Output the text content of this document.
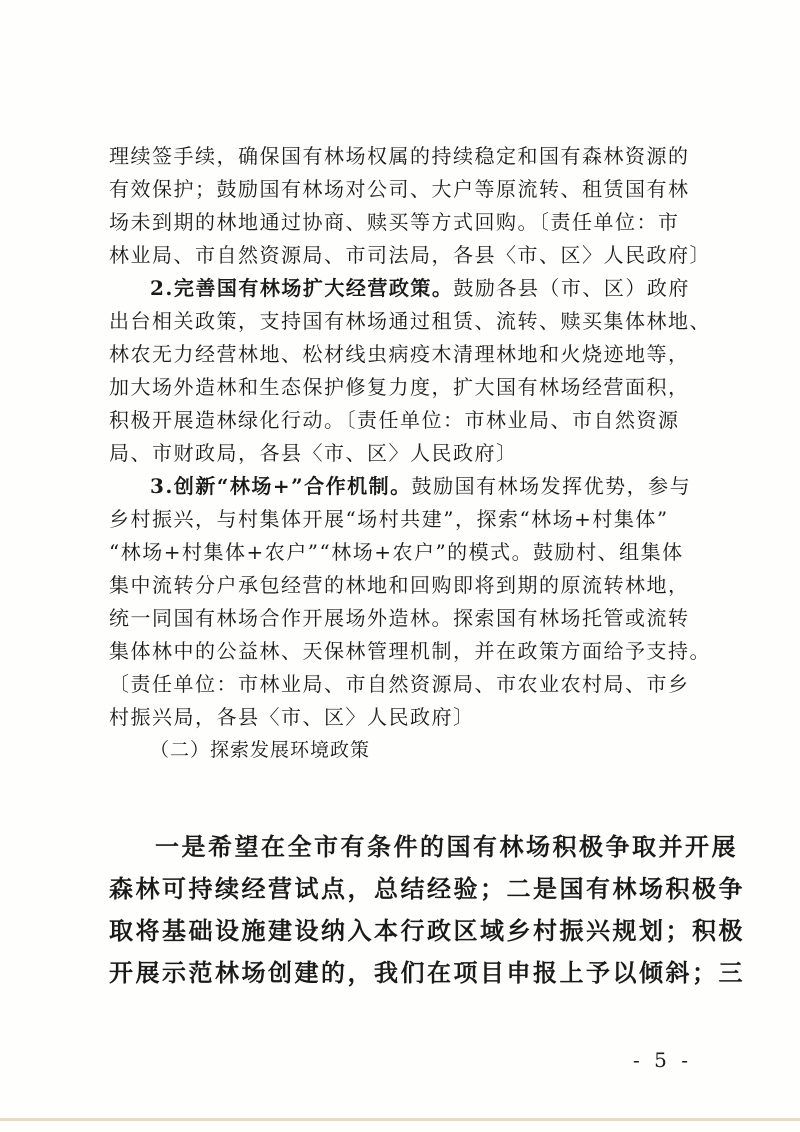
理续签手续，确保国有林场权属的持续稳定和国有森林资源的
有效保护；鼓励国有林场对公司、大户等原流转、租赁国有林
场未到期的林地通过协商、赎买等方式回购。〔责任单位：市
林业局、市自然资源局、市司法局，各县〈市、区〉人民政府〕
2.完善国有林场扩大经营政策。鼓励各县（市、区）政府
出台相关政策，支持国有林场通过租赁、流转、赎买集体林地、
林农无力经营林地、松材线虫病疫木清理林地和火烧迹地等，
加大场外造林和生态保护修复力度，扩大国有林场经营面积，
积极开展造林绿化行动。〔责任单位：市林业局、市自然资源
局、市财政局，各县〈市、区〉人民政府〕
3.创新“林场+”合作机制。鼓励国有林场发挥优势，参与
乡村振兴，与村集体开展“场村共建”，探索“林场+村集体”
“林场+村集体+农户”“林场+农户”的模式。鼓励村、组集体
集中流转分户承包经营的林地和回购即将到期的原流转林地，
统一同国有林场合作开展场外造林。探索国有林场托管或流转
集体林中的公益林、天保林管理机制，并在政策方面给予支持。
〔责任单位：市林业局、市自然资源局、市农业农村局、市乡
村振兴局，各县〈市、区〉人民政府〕
（二）探索发展环境政策
一是希望在全市有条件的国有林场积极争取并开展
森林可持续经营试点，总结经验；二是国有林场积极争
取将基础设施建设纳入本行政区域乡村振兴规划；积极
开展示范林场创建的，我们在项目申报上予以倾斜；三
- 5 -
